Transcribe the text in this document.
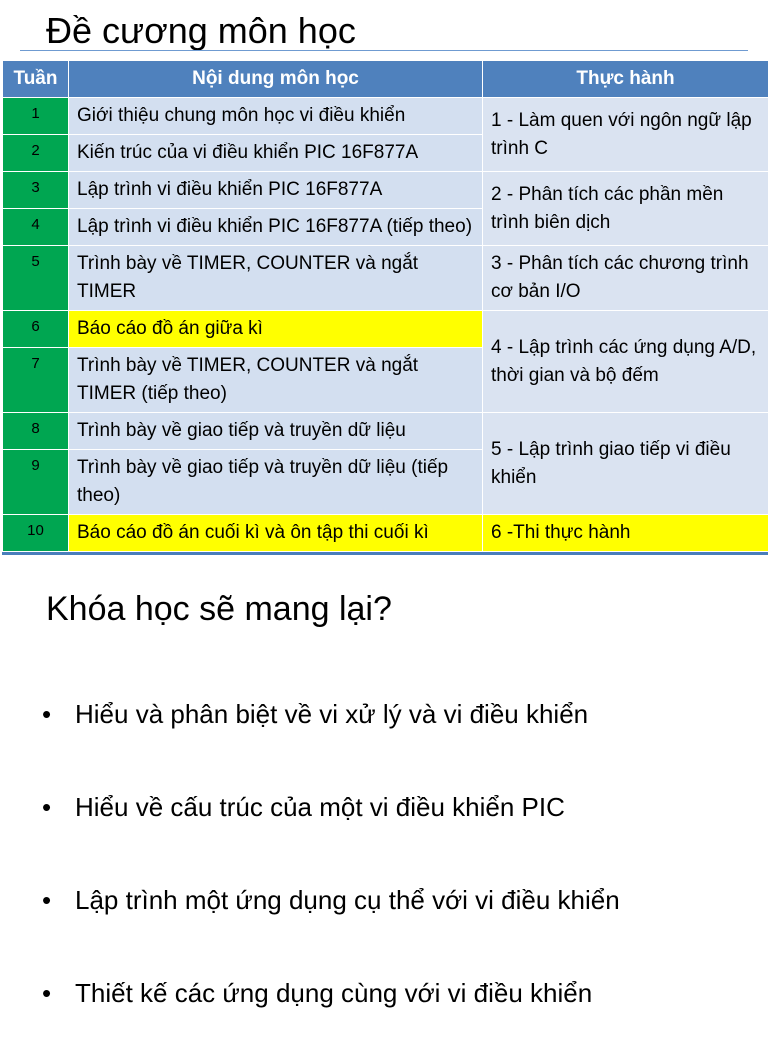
Đề cương môn học
Tuần	Nội dung môn học	Thực hành
1	Giới thiệu chung môn học vi điều khiển	1 - Làm quen với ngôn ngữ lập trình C
2	Kiến trúc của vi điều khiển PIC 16F877A	
3	Lập trình vi điều khiển PIC 16F877A	2 - Phân tích các phần mền trình biên dịch
4	Lập trình vi điều khiển PIC 16F877A (tiếp theo)	
5	Trình bày về TIMER, COUNTER và ngắt TIMER	3 - Phân tích các chương trình cơ bản I/O
6	Báo cáo đồ án giữa kì	4 - Lập trình các ứng dụng A/D, thời gian và bộ đếm
7	Trình bày về TIMER, COUNTER và ngắt TIMER (tiếp theo)	
8	Trình bày về giao tiếp và truyền dữ liệu	5 - Lập trình giao tiếp vi điều khiển
9	Trình bày về giao tiếp và truyền dữ liệu (tiếp theo)	
10	Báo cáo đồ án cuối kì và ôn tập thi cuối kì	6 -Thi thực hành
Khóa học sẽ mang lại?
• Hiểu và phân biệt về vi xử lý và vi điều khiển
• Hiểu về cấu trúc của một vi điều khiển PIC
• Lập trình một ứng dụng cụ thể với vi điều khiển
• Thiết kế các ứng dụng cùng với vi điều khiển
